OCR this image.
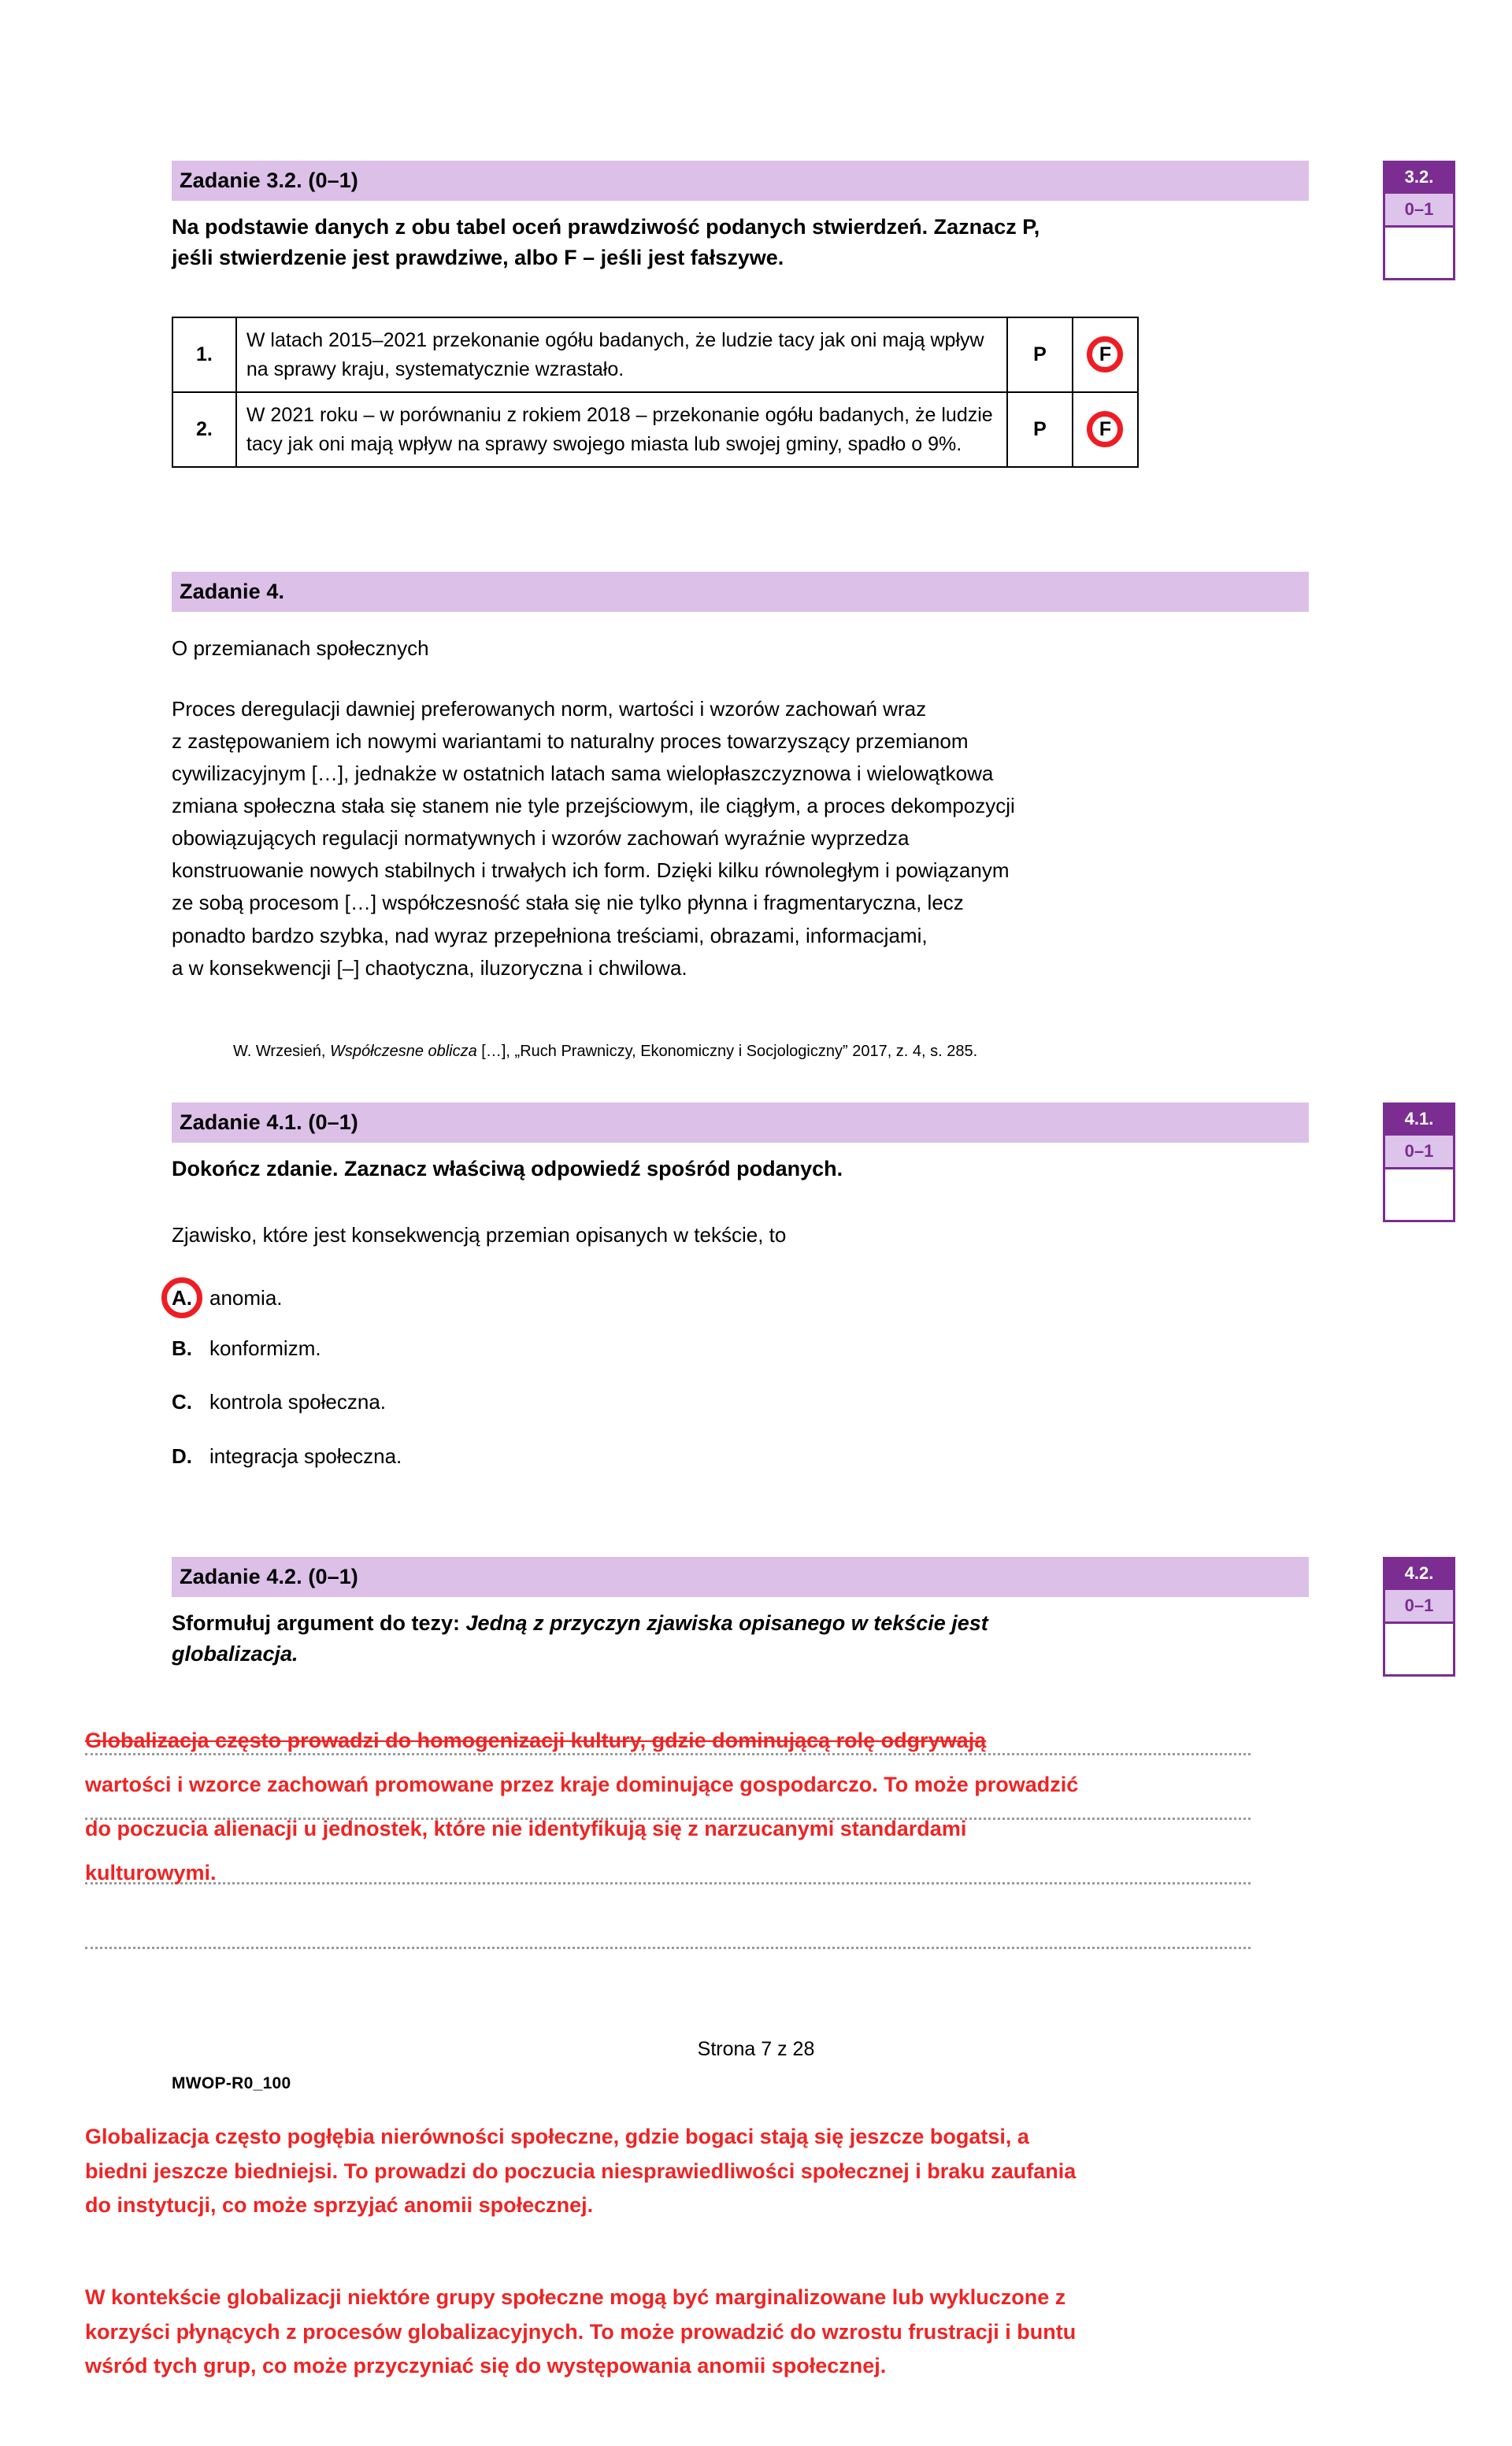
3.2.
0–1
4.1.
0–1
4.2.
0–1
Zadanie 3.2. (0–1)
Na podstawie danych z obu tabel oceń prawdziwość podanych stwierdzeń. Zaznacz P,
jeśli stwierdzenie jest prawdziwe, albo F – jeśli jest fałszywe.
1.	W latach 2015–2021 przekonanie ogółu badanych, że ludzie tacy jak oni mają wpływ na sprawy kraju, systematycznie wzrastało.	P	F
2.	W 2021 roku – w porównaniu z rokiem 2018 – przekonanie ogółu badanych, że ludzie tacy jak oni mają wpływ na sprawy swojego miasta lub swojej gminy, spadło o 9%.	P	F
Zadanie 4.
O przemianach społecznych
Proces deregulacji dawniej preferowanych norm, wartości i wzorów zachowań wraz
z zastępowaniem ich nowymi wariantami to naturalny proces towarzyszący przemianom
cywilizacyjnym […], jednakże w ostatnich latach sama wielopłaszczyznowa i wielowątkowa
zmiana społeczna stała się stanem nie tyle przejściowym, ile ciągłym, a proces dekompozycji
obowiązujących regulacji normatywnych i wzorów zachowań wyraźnie wyprzedza
konstruowanie nowych stabilnych i trwałych ich form. Dzięki kilku równoległym i powiązanym
ze sobą procesom […] współczesność stała się nie tylko płynna i fragmentaryczna, lecz
ponadto bardzo szybka, nad wyraz przepełniona treściami, obrazami, informacjami,
a w konsekwencji [–] chaotyczna, iluzoryczna i chwilowa.
W. Wrzesień, Współczesne oblicza […], „Ruch Prawniczy, Ekonomiczny i Socjologiczny” 2017, z. 4, s. 285.
Zadanie 4.1. (0–1)
Dokończ zdanie. Zaznacz właściwą odpowiedź spośród podanych.
Zjawisko, które jest konsekwencją przemian opisanych w tekście, to
A. anomia.
B. konformizm.
C. kontrola społeczna.
D. integracja społeczna.
Zadanie 4.2. (0–1)
Sformułuj argument do tezy: Jedną z przyczyn zjawiska opisanego w tekście jest
globalizacja.
Globalizacja często prowadzi do homogenizacji kultury, gdzie dominującą rolę odgrywają
wartości i wzorce zachowań promowane przez kraje dominujące gospodarczo. To może prowadzić
do poczucia alienacji u jednostek, które nie identyfikują się z narzucanymi standardami
kulturowymi.
Strona 7 z 28
MWOP-R0_100
Globalizacja często pogłębia nierówności społeczne, gdzie bogaci stają się jeszcze bogatsi, a
biedni jeszcze biedniejsi. To prowadzi do poczucia niesprawiedliwości społecznej i braku zaufania
do instytucji, co może sprzyjać anomii społecznej.
W kontekście globalizacji niektóre grupy społeczne mogą być marginalizowane lub wykluczone z
korzyści płynących z procesów globalizacyjnych. To może prowadzić do wzrostu frustracji i buntu
wśród tych grup, co może przyczyniać się do występowania anomii społecznej.
